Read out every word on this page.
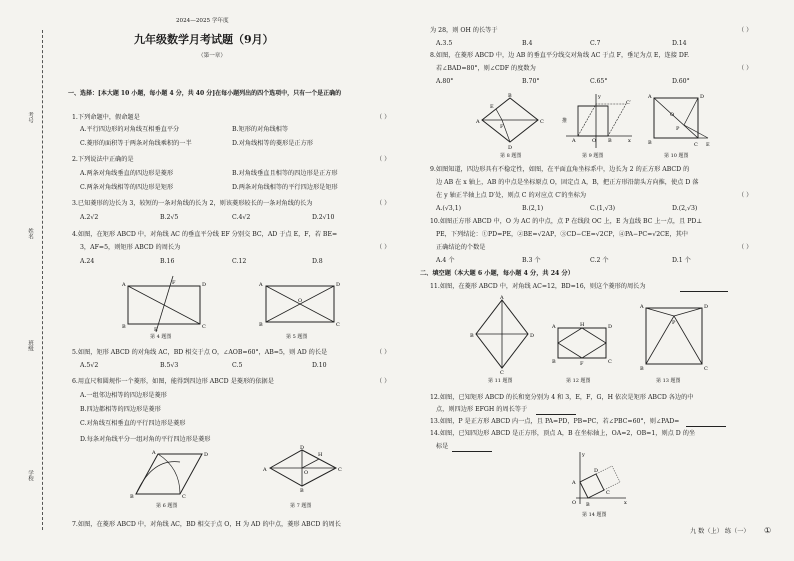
考号
姓名
班级
学校
2024—2025 学年度
九年级数学月考试题（9月）
（第一章）
一、选择：[本大题 10 小题，每小题 4 分，共 40 分]在每小题列出的四个选项中，只有一个是正确的
1.下列命题中，假命题是	（ ）
A.平行四边形的对角线互相垂直平分	B.矩形的对角线相等
C.菱形的面积等于两条对角线乘积的一半	D.对角线相等的菱形是正方形
2.下列说法中正确的是	（ ）
A.两条对角线垂直的四边形是菱形	B.对角线垂直且相等的四边形是正方形
C.两条对角线相等的四边形是矩形	D.两条对角线相等的平行四边形是矩形
3.已知菱形的边长为 3，较短的一条对角线的长为 2，则该菱形较长的一条对角线的长为	（ ）
A.2√2	B.2√5	C.4√2	D.2√10
4.如图，在矩形 ABCD 中，对角线 AC 的垂直平分线 EF 分别交 BC，AD 于点 E，F，若 BE=
3，AF=5，则矩形 ABCD 的周长为	（ ）
A.24	B.16	C.12	D.8
A	D
B	C
F
E
第 4 题图
A	D
B	C
O
第 5 题图
5.如图，矩形 ABCD 的对角线 AC，BD 相交于点 O，∠AOB=60°，AB=5，则 AD 的长是	（ ）
A.5√2	B.5√3	C.5	D.10
6.用直尺和圆规作一个菱形，如图，能得到四边形 ABCD 是菱形的依据是	（ ）
A.一组邻边相等的四边形是菱形
B.四边都相等的四边形是菱形
C.对角线互相垂直的平行四边形是菱形
D.每条对角线平分一组对角的平行四边形是菱形
A	D
B	C
第 6 题图
A
D
C
B
H
O
第 7 题图
7.如图，在菱形 ABCD 中，对角线 AC，BD 相交于点 O，H 为 AD 的中点，菱形 ABCD 的周长
为 28，则 OH 的长等于	（ ）
A.3.5	B.4	C.7	D.14
8.如图，在菱形 ABCD 中，边 AB 的垂直平分线交对角线 AC 于点 F，垂足为点 E，连接 DF.
若∠BAD=80°，则∠CDF 的度数为	（ ）
A.80°	B.70°	C.65°	D.60°
A
B
C
D
E
F
第 8 题图
y
x
A	B
O
C′
推
第 9 题图
A	D
B	C
O
P
E
第 10 题图
9.如图知道，四边形具有不稳定性，如图，在平面直角坐标系中，边长为 2 的正方形 ABCD 的
边 AB 在 x 轴上，AB 的中点是坐标原点 O，固定点 A，B，把正方形沿箭头方向推，使点 D 落
在 y 轴正半轴上点 D′处，则点 C 的对应点 C′的坐标为	（ ）
A.(√3,1)	B.(2,1)	C.(1,√3)	D.(2,√3)
10.如图正方形 ABCD 中，O 为 AC 的中点，点 P 在线段 OC 上，E 为直线 BC 上一点，且 PD⊥
PE，下列结论：①PD=PE，②BE=√2AP，③CD−CE=√2CP，④PA−PC=√2CE，其中
正确结论的个数是	（ ）
A.4 个	B.3 个	C.2 个	D.1 个
二、填空题（本大题 6 小题，每小题 4 分，共 24 分）
11.如图，在菱形 ABCD 中，对角线 AC=12，BD=16，则这个菱形的周长为
A
B	D
C
第 11 题图
A	H	D
B	F	C
第 12 题图
A	D
B	C
P
第 13 题图
12.如图，已知矩形 ABCD 的长和宽分别为 4 和 3，E，F，G，H 依次是矩形 ABCD 各边的中
点，则四边形 EFGH 的周长等于
13.如图，P 是正方形 ABCD 内一点，且 PA=PD，PB=PC，若∠PBC=60°，则∠PAD=
14.如图，已知四边形 ABCD 是正方形，顶点 A，B 在坐标轴上，OA=2，OB=1，则点 D 的坐
标是
y
x
O
A
B
C
D
第 14 题图
九 数（上） 练（一） ①
